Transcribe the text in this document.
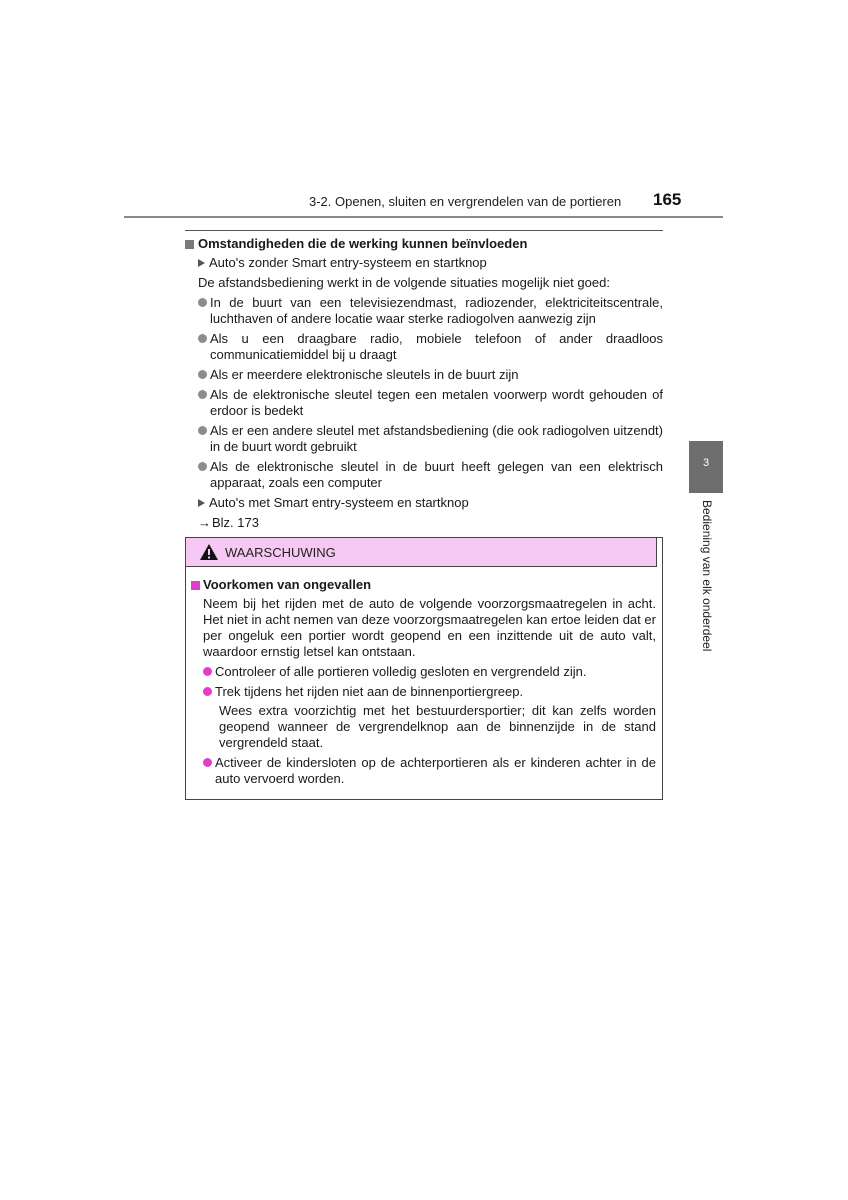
3-2. Openen, sluiten en vergrendelen van de portieren 165
3
Bediening van elk onderdeel
Omstandigheden die de werking kunnen beïnvloeden
Auto's zonder Smart entry-systeem en startknop
De afstandsbediening werkt in de volgende situaties mogelijk niet goed:
In de buurt van een televisiezendmast, radiozender, elektriciteitscentrale, luchthaven of andere locatie waar sterke radiogolven aanwezig zijn
Als u een draagbare radio, mobiele telefoon of ander draadloos communicatiemiddel bij u draagt
Als er meerdere elektronische sleutels in de buurt zijn
Als de elektronische sleutel tegen een metalen voorwerp wordt gehouden of erdoor is bedekt
Als er een andere sleutel met afstandsbediening (die ook radiogolven uitzendt) in de buurt wordt gebruikt
Als de elektronische sleutel in de buurt heeft gelegen van een elektrisch apparaat, zoals een computer
Auto's met Smart entry-systeem en startknop
→ Blz. 173
WAARSCHUWING
Voorkomen van ongevallen
Neem bij het rijden met de auto de volgende voorzorgsmaatregelen in acht. Het niet in acht nemen van deze voorzorgsmaatregelen kan ertoe leiden dat er per ongeluk een portier wordt geopend en een inzittende uit de auto valt, waardoor ernstig letsel kan ontstaan.
Controleer of alle portieren volledig gesloten en vergrendeld zijn.
Trek tijdens het rijden niet aan de binnenportiergreep.
Wees extra voorzichtig met het bestuurdersportier; dit kan zelfs worden geopend wanneer de vergrendelknop aan de binnenzijde in de stand vergrendeld staat.
Activeer de kindersloten op de achterportieren als er kinderen achter in de auto vervoerd worden.
